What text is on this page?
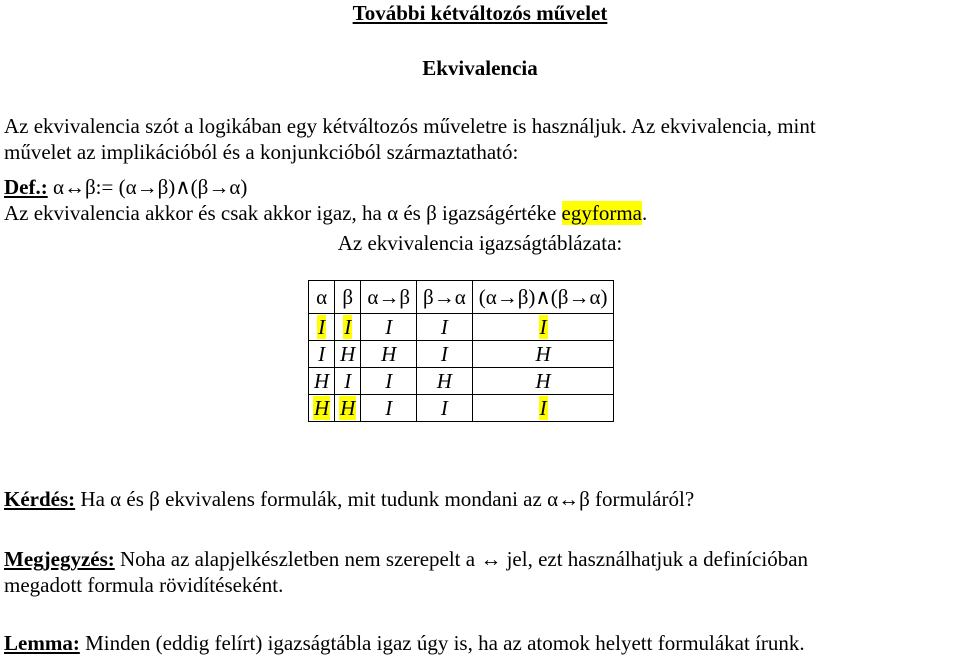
További kétváltozós művelet
Ekvivalencia
Az ekvivalencia szót a logikában egy kétváltozós műveletre is használjuk. Az ekvivalencia, mint
művelet az implikációból és a konjunkcióból származtatható:
Def.: α↔β:= (α→β)∧(β→α)
Az ekvivalencia akkor és csak akkor igaz, ha α és β igazságértéke egyforma.
Az ekvivalencia igazságtáblázata:
α	β	α→β	β→α	(α→β)∧(β→α)
I	I	I	I	I
I	H	H	I	H
H	I	I	H	H
H	H	I	I	I
Kérdés: Ha α és β ekvivalens formulák, mit tudunk mondani az α↔β formuláról?
Megjegyzés: Noha az alapjelkészletben nem szerepelt a ↔ jel, ezt használhatjuk a definícióban
megadott formula rövidítéseként.
Lemma: Minden (eddig felírt) igazságtábla igaz úgy is, ha az atomok helyett formulákat írunk.
